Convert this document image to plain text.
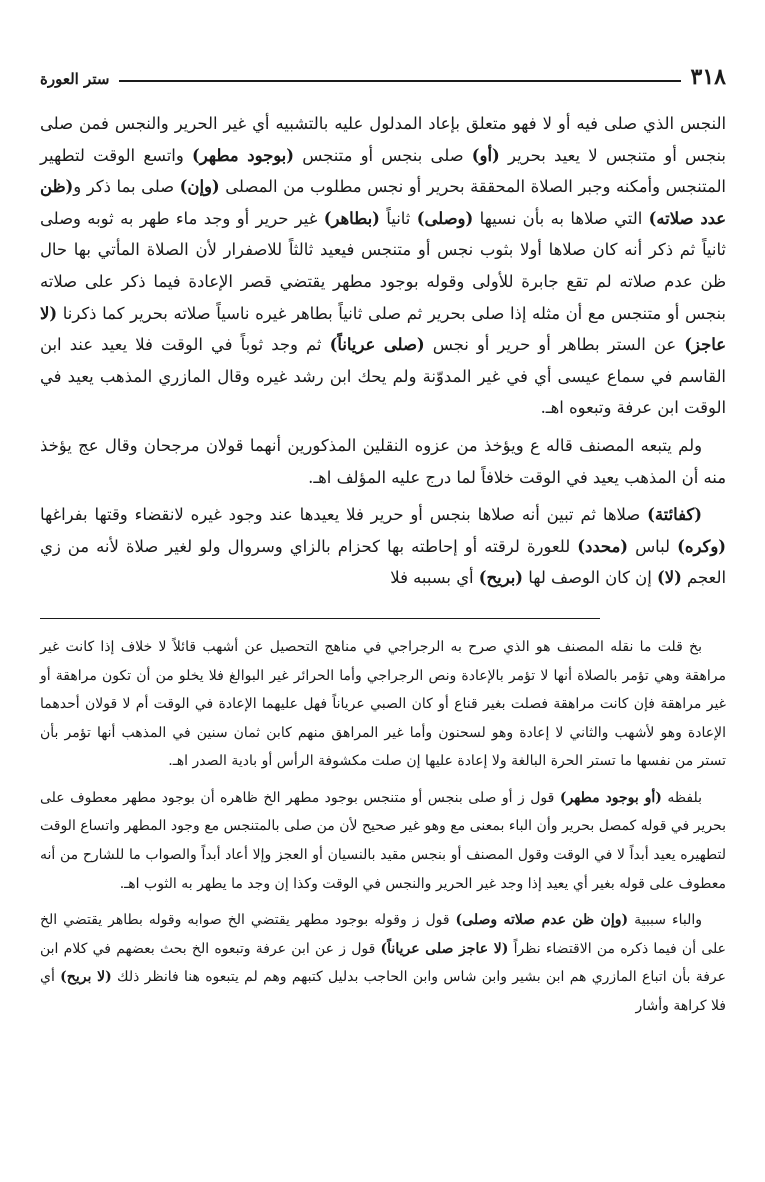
٣١٨
ستر العورة

النجس الذي صلى فيه أو لا فهو متعلق بإعاد المدلول عليه بالتشبيه أي غير الحرير والنجس فمن صلى بنجس أو متنجس لا يعيد بحرير (أو) صلى بنجس أو متنجس (بوجود مطهر) واتسع الوقت لتطهير المتنجس وأمكنه وجبر الصلاة المحققة بحرير أو نجس مطلوب من المصلى (وإن) صلى بما ذكر و(ظن عدد صلاته) التي صلاها به بأن نسيها (وصلى) ثانياً (بطاهر) غير حرير أو وجد ماء طهر به ثوبه وصلى ثانياً ثم ذكر أنه كان صلاها أولا بثوب نجس أو متنجس فيعيد ثالثاً للاصفرار لأن الصلاة المأتي بها حال ظن عدم صلاته لم تقع جابرة للأولى وقوله بوجود مطهر يقتضي قصر الإعادة فيما ذكر على صلاته بنجس أو متنجس مع أن مثله إذا صلى بحرير ثم صلى ثانياً بطاهر غيره ناسياً صلاته بحرير كما ذكرنا (لا عاجز) عن الستر بطاهر أو حرير أو نجس (صلى عرياناً) ثم وجد ثوباً في الوقت فلا يعيد عند ابن القاسم في سماع عيسى أي في غير المدوّنة ولم يحك ابن رشد غيره وقال المازري المذهب يعيد في الوقت ابن عرفة وتبعوه اهـ.

ولم يتبعه المصنف قاله ع ويؤخذ من عزوه النقلين المذكورين أنهما قولان مرجحان وقال عج يؤخذ منه أن المذهب يعيد في الوقت خلافاً لما درج عليه المؤلف اهـ.

(كفائتة) صلاها ثم تبين أنه صلاها بنجس أو حرير فلا يعيدها عند وجود غيره لانقضاء وقتها بفراغها (وكره) لباس (محدد) للعورة لرقته أو إحاطته بها كحزام بالزاي وسروال ولو لغير صلاة لأنه من زي العجم (لا) إن كان الوصف لها (بريح) أي بسببه فلا

بخ قلت ما نقله المصنف هو الذي صرح به الرجراجي في مناهج التحصيل عن أشهب قائلاً لا خلاف إذا كانت غير مراهقة وهي تؤمر بالصلاة أنها لا تؤمر بالإعادة ونص الرجراجي وأما الحرائر غير البوالغ فلا يخلو من أن تكون مراهقة أو غير مراهقة فإن كانت مراهقة فصلت بغير قناع أو كان الصبي عرياناً فهل عليهما الإعادة في الوقت أم لا قولان أحدهما الإعادة وهو لأشهب والثاني لا إعادة وهو لسحنون وأما غير المراهق منهم كابن ثمان سنين في المذهب أنها تؤمر بأن تستر من نفسها ما تستر الحرة البالغة ولا إعادة عليها إن صلت مكشوفة الرأس أو بادية الصدر اهـ.

بلفظه (أو بوجود مطهر) قول ز أو صلى بنجس أو متنجس بوجود مطهر الخ ظاهره أن بوجود مطهر معطوف على بحرير في قوله كمصل بحرير وأن الباء بمعنى مع وهو غير صحيح لأن من صلى بالمتنجس مع وجود المطهر واتساع الوقت لتطهيره يعيد أبداً لا في الوقت وقول المصنف أو بنجس مقيد بالنسيان أو العجز وإلا أعاد أبداً والصواب ما للشارح من أنه معطوف على قوله بغير أي يعيد إذا وجد غير الحرير والنجس في الوقت وكذا إن وجد ما يطهر به الثوب اهـ.

والباء سببية (وإن ظن عدم صلاته وصلى) قول ز وقوله بوجود مطهر يقتضي الخ صوابه وقوله بطاهر يقتضي الخ على أن فيما ذكره من الاقتضاء نظراً (لا عاجز صلى عرياناً) قول ز عن ابن عرفة وتبعوه الخ بحث بعضهم في كلام ابن عرفة بأن اتباع المازري هم ابن بشير وابن شاس وابن الحاجب بدليل كتبهم وهم لم يتبعوه هنا فانظر ذلك (لا بريح) أي فلا كراهة وأشار
